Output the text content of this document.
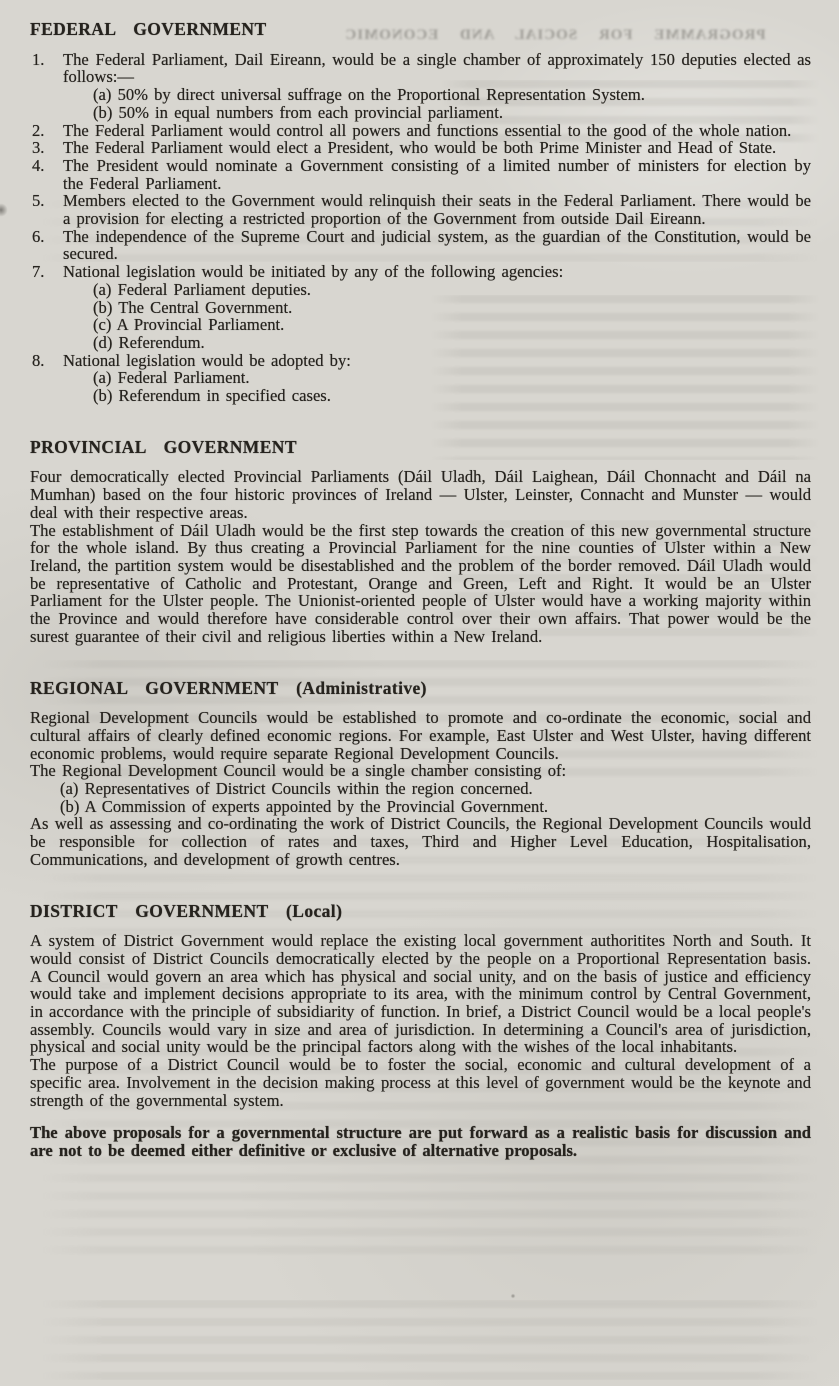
PROGRAMME FOR SOCIAL AND ECONOMIC
FEDERAL GOVERNMENT
1. The Federal Parliament, Dail Eireann, would be a single chamber of approximately 150 deputies elected as follows:—
(a) 50% by direct universal suffrage on the Proportional Representation System.
(b) 50% in equal numbers from each provincial parliament.
2. The Federal Parliament would control all powers and functions essential to the good of the whole nation.
3. The Federal Parliament would elect a President, who would be both Prime Minister and Head of State.
4. The President would nominate a Government consisting of a limited number of ministers for election by the Federal Parliament.
5. Members elected to the Government would relinquish their seats in the Federal Parliament. There would be a provision for electing a restricted proportion of the Government from outside Dail Eireann.
6. The independence of the Supreme Court and judicial system, as the guardian of the Constitution, would be secured.
7. National legislation would be initiated by any of the following agencies:
(a) Federal Parliament deputies.
(b) The Central Government.
(c) A Provincial Parliament.
(d) Referendum.
8. National legislation would be adopted by:
(a) Federal Parliament.
(b) Referendum in specified cases.
PROVINCIAL GOVERNMENT

Four democratically elected Provincial Parliaments (Dáil Uladh, Dáil Laighean, Dáil Chonnacht and Dáil na Mumhan) based on the four historic provinces of Ireland — Ulster, Leinster, Connacht and Munster — would deal with their respective areas.

The establishment of Dáil Uladh would be the first step towards the creation of this new governmental structure for the whole island. By thus creating a Provincial Parliament for the nine counties of Ulster within a New Ireland, the partition system would be disestablished and the problem of the border removed. Dáil Uladh would be representative of Catholic and Protestant, Orange and Green, Left and Right. It would be an Ulster Parliament for the Ulster people. The Unionist-oriented people of Ulster would have a working majority within the Province and would therefore have considerable control over their own affairs. That power would be the surest guarantee of their civil and religious liberties within a New Ireland.

REGIONAL GOVERNMENT (Administrative)

Regional Development Councils would be established to promote and co-ordinate the economic, social and cultural affairs of clearly defined economic regions. For example, East Ulster and West Ulster, having different economic problems, would require separate Regional Development Councils.

The Regional Development Council would be a single chamber consisting of:

(a) Representatives of District Councils within the region concerned.
(b) A Commission of experts appointed by the Provincial Government.

As well as assessing and co-ordinating the work of District Councils, the Regional Development Councils would be responsible for collection of rates and taxes, Third and Higher Level Education, Hospitalisation, Communications, and development of growth centres.

DISTRICT GOVERNMENT (Local)

A system of District Government would replace the existing local government authoritites North and South. It would consist of District Councils democratically elected by the people on a Proportional Representation basis. A Council would govern an area which has physical and social unity, and on the basis of justice and efficiency would take and implement decisions appropriate to its area, with the minimum control by Central Government, in accordance with the principle of subsidiarity of function. In brief, a District Council would be a local people's assembly. Councils would vary in size and area of jurisdiction. In determining a Council's area of jurisdiction, physical and social unity would be the principal factors along with the wishes of the local inhabitants.

The purpose of a District Council would be to foster the social, economic and cultural development of a specific area. Involvement in the decision making process at this level of government would be the keynote and strength of the governmental system.

The above proposals for a governmental structure are put forward as a realistic basis for discussion and are not to be deemed either definitive or exclusive of alternative proposals.
